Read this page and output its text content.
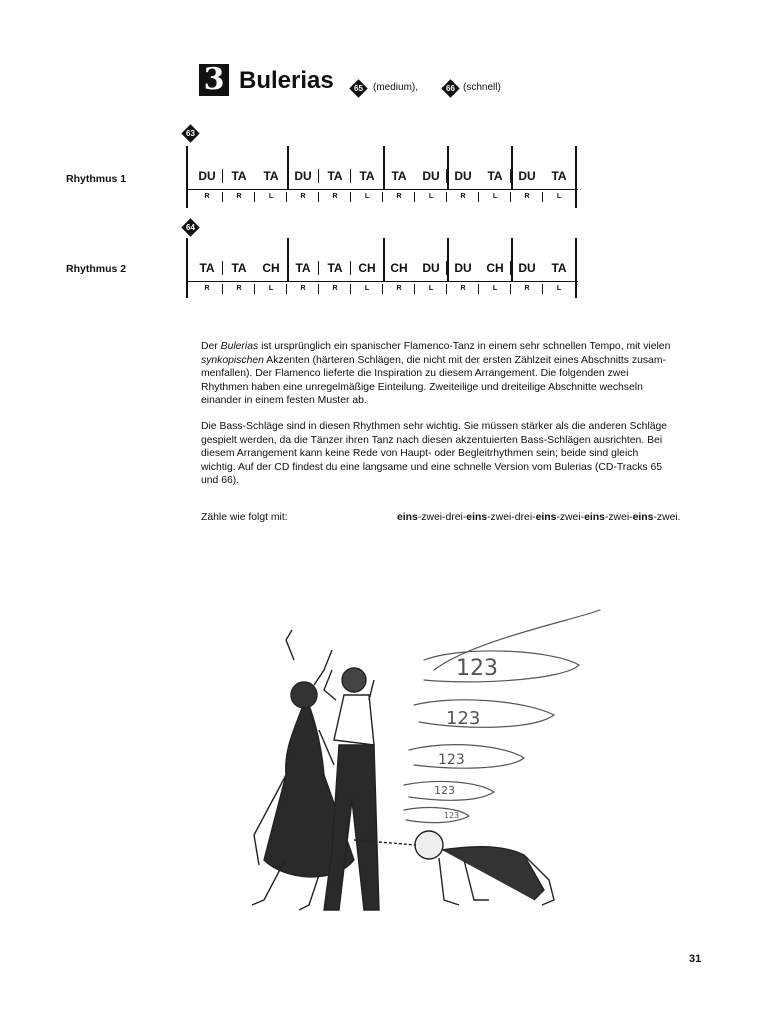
3 Bulerias	65	(medium),	66 (schnell)
63
Rhythmus 1	DU	TA	TA	DU	TA	TA	TA	DU	DU	TA	DU	TA
R	R	L	R	R	L	R	L	R	L	R	L
64
Rhythmus 2	TA	TA	CH	TA	TA	CH	CH	DU	DU	CH	DU	TA
R	R	L	R	R	L	R	L	R	L	R	L
Der Bulerias ist ursprünglich ein spanischer Flamenco-Tanz in einem sehr schnellen Tempo, mit vielen
synkopischen Akzenten (härteren Schlägen, die nicht mit der ersten Zählzeit eines Abschnitts zusam-
menfallen). Der Flamenco lieferte die Inspiration zu diesem Arrangement. Die folgenden zwei
Rhythmen haben eine unregelmäßige Einteilung. Zweiteilige und dreiteilige Abschnitte wechseln
einander in einem festen Muster ab.
Die Bass-Schläge sind in diesen Rhythmen sehr wichtig. Sie müssen stärker als die anderen Schläge
gespielt werden, da die Tänzer ihren Tanz nach diesen akzentuierten Bass-Schlägen ausrichten. Bei
diesem Arrangement kann keine Rede von Haupt- oder Begleitrhythmen sein; beide sind gleich
wichtig. Auf der CD findest du eine langsame und eine schnelle Version vom Bulerias (CD-Tracks 65
und 66).
Zähle wie folgt mit:	eins-zwei-drei-eins-zwei-drei-eins-zwei-eins-zwei-eins-zwei.
123
123
123
123
123
31
